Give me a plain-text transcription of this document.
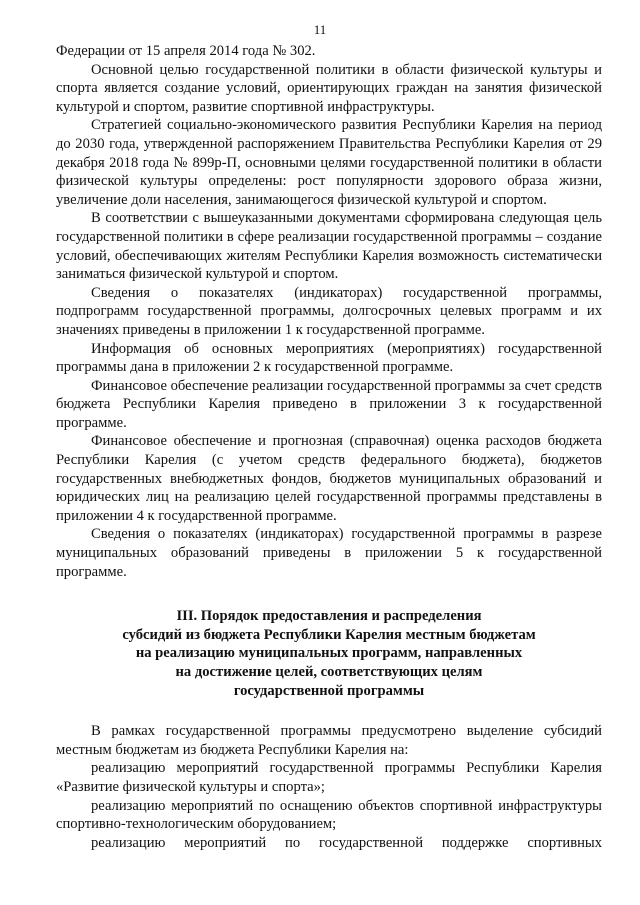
11

Федерации от 15 апреля 2014 года № 302.

Основной целью государственной политики в области физической культуры и спорта является создание условий, ориентирующих граждан на занятия физической культурой и спортом, развитие спортивной инфраструктуры.

Стратегией социально-экономического развития Республики Карелия на период до 2030 года, утвержденной распоряжением Правительства Республики Карелия от 29 декабря 2018 года № 899р-П, основными целями государственной политики в области физической культуры определены: рост популярности здорового образа жизни, увеличение доли населения, занимающегося физической культурой и спортом.

В соответствии с вышеуказанными документами сформирована следующая цель государственной политики в сфере реализации государственной программы – создание условий, обеспечивающих жителям Республики Карелия возможность систематически заниматься физической культурой и спортом.

Сведения о показателях (индикаторах) государственной программы, подпрограмм государственной программы, долгосрочных целевых программ и их значениях приведены в приложении 1 к государственной программе.

Информация об основных мероприятиях (мероприятиях) государственной программы дана в приложении 2 к государственной программе.

Финансовое обеспечение реализации государственной программы за счет средств бюджета Республики Карелия приведено в приложении 3 к государственной программе.

Финансовое обеспечение и прогнозная (справочная) оценка расходов бюджета Республики Карелия (с учетом средств федерального бюджета), бюджетов государственных внебюджетных фондов, бюджетов муниципальных образований и юридических лиц на реализацию целей государственной программы представлены в приложении 4 к государственной программе.

Сведения о показателях (индикаторах) государственной программы в разрезе муниципальных образований приведены в приложении 5 к государственной программе.

III. Порядок предоставления и распределения
субсидий из бюджета Республики Карелия местным бюджетам
на реализацию муниципальных программ, направленных
на достижение целей, соответствующих целям
государственной программы

В рамках государственной программы предусмотрено выделение субсидий местным бюджетам из бюджета Республики Карелия на:

реализацию мероприятий государственной программы Республики Карелия «Развитие физической культуры и спорта»;

реализацию мероприятий по оснащению объектов спортивной инфраструктуры спортивно-технологическим оборудованием;

реализацию мероприятий по государственной поддержке спортивных
